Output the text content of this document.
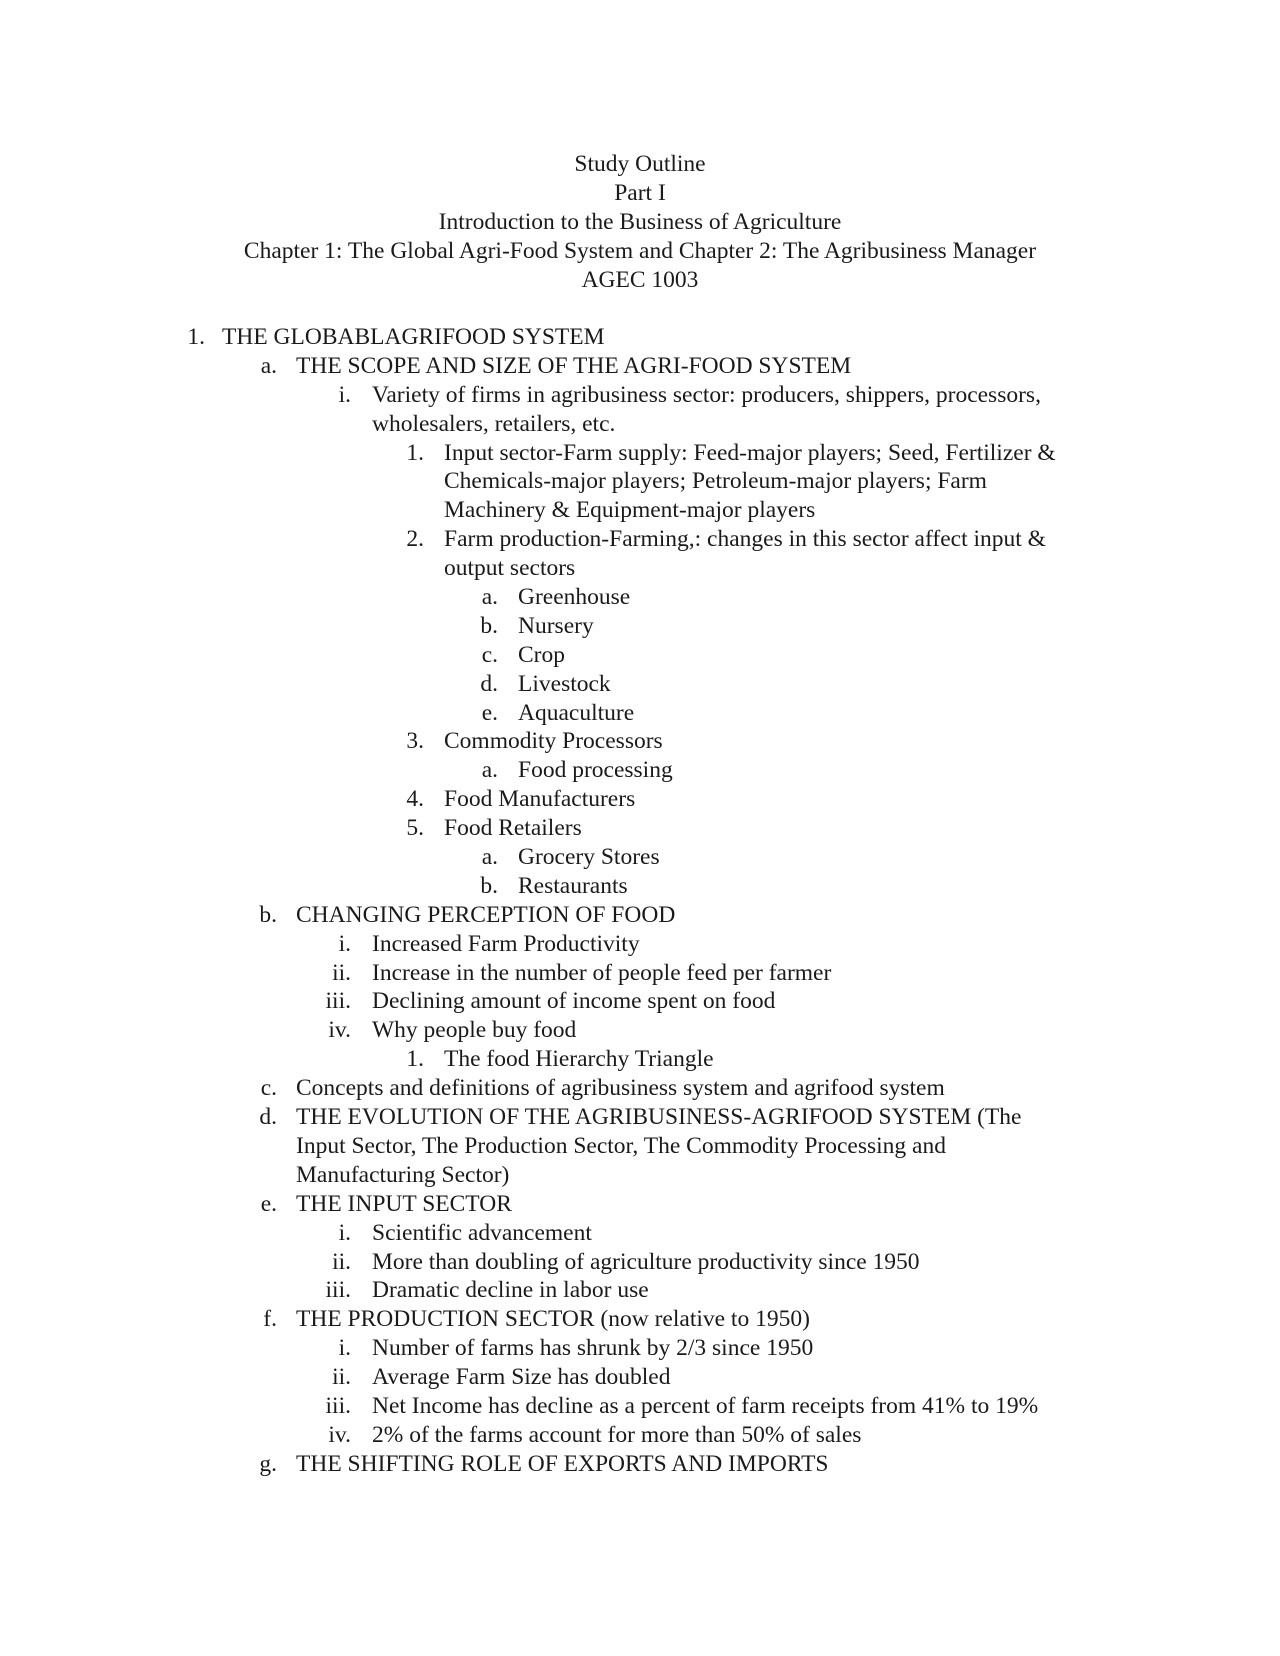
Study Outline
Part I
Introduction to the Business of Agriculture
Chapter 1: The Global Agri-Food System and Chapter 2: The Agribusiness Manager
AGEC 1003
1. THE GLOBABLAGRIFOOD SYSTEM
a. THE SCOPE AND SIZE OF THE AGRI-FOOD SYSTEM
i. Variety of firms in agribusiness sector: producers, shippers, processors,
wholesalers, retailers, etc.
1. Input sector-Farm supply: Feed-major players; Seed, Fertilizer &
Chemicals-major players; Petroleum-major players; Farm
Machinery & Equipment-major players
2. Farm production-Farming,: changes in this sector affect input &
output sectors
a. Greenhouse
b. Nursery
c. Crop
d. Livestock
e. Aquaculture
3. Commodity Processors
a. Food processing
4. Food Manufacturers
5. Food Retailers
a. Grocery Stores
b. Restaurants
b. CHANGING PERCEPTION OF FOOD
i. Increased Farm Productivity
ii. Increase in the number of people feed per farmer
iii. Declining amount of income spent on food
iv. Why people buy food
1. The food Hierarchy Triangle
c. Concepts and definitions of agribusiness system and agrifood system
d. THE EVOLUTION OF THE AGRIBUSINESS-AGRIFOOD SYSTEM (The
Input Sector, The Production Sector, The Commodity Processing and
Manufacturing Sector)
e. THE INPUT SECTOR
i. Scientific advancement
ii. More than doubling of agriculture productivity since 1950
iii. Dramatic decline in labor use
f. THE PRODUCTION SECTOR (now relative to 1950)
i. Number of farms has shrunk by 2/3 since 1950
ii. Average Farm Size has doubled
iii. Net Income has decline as a percent of farm receipts from 41% to 19%
iv. 2% of the farms account for more than 50% of sales
g. THE SHIFTING ROLE OF EXPORTS AND IMPORTS
